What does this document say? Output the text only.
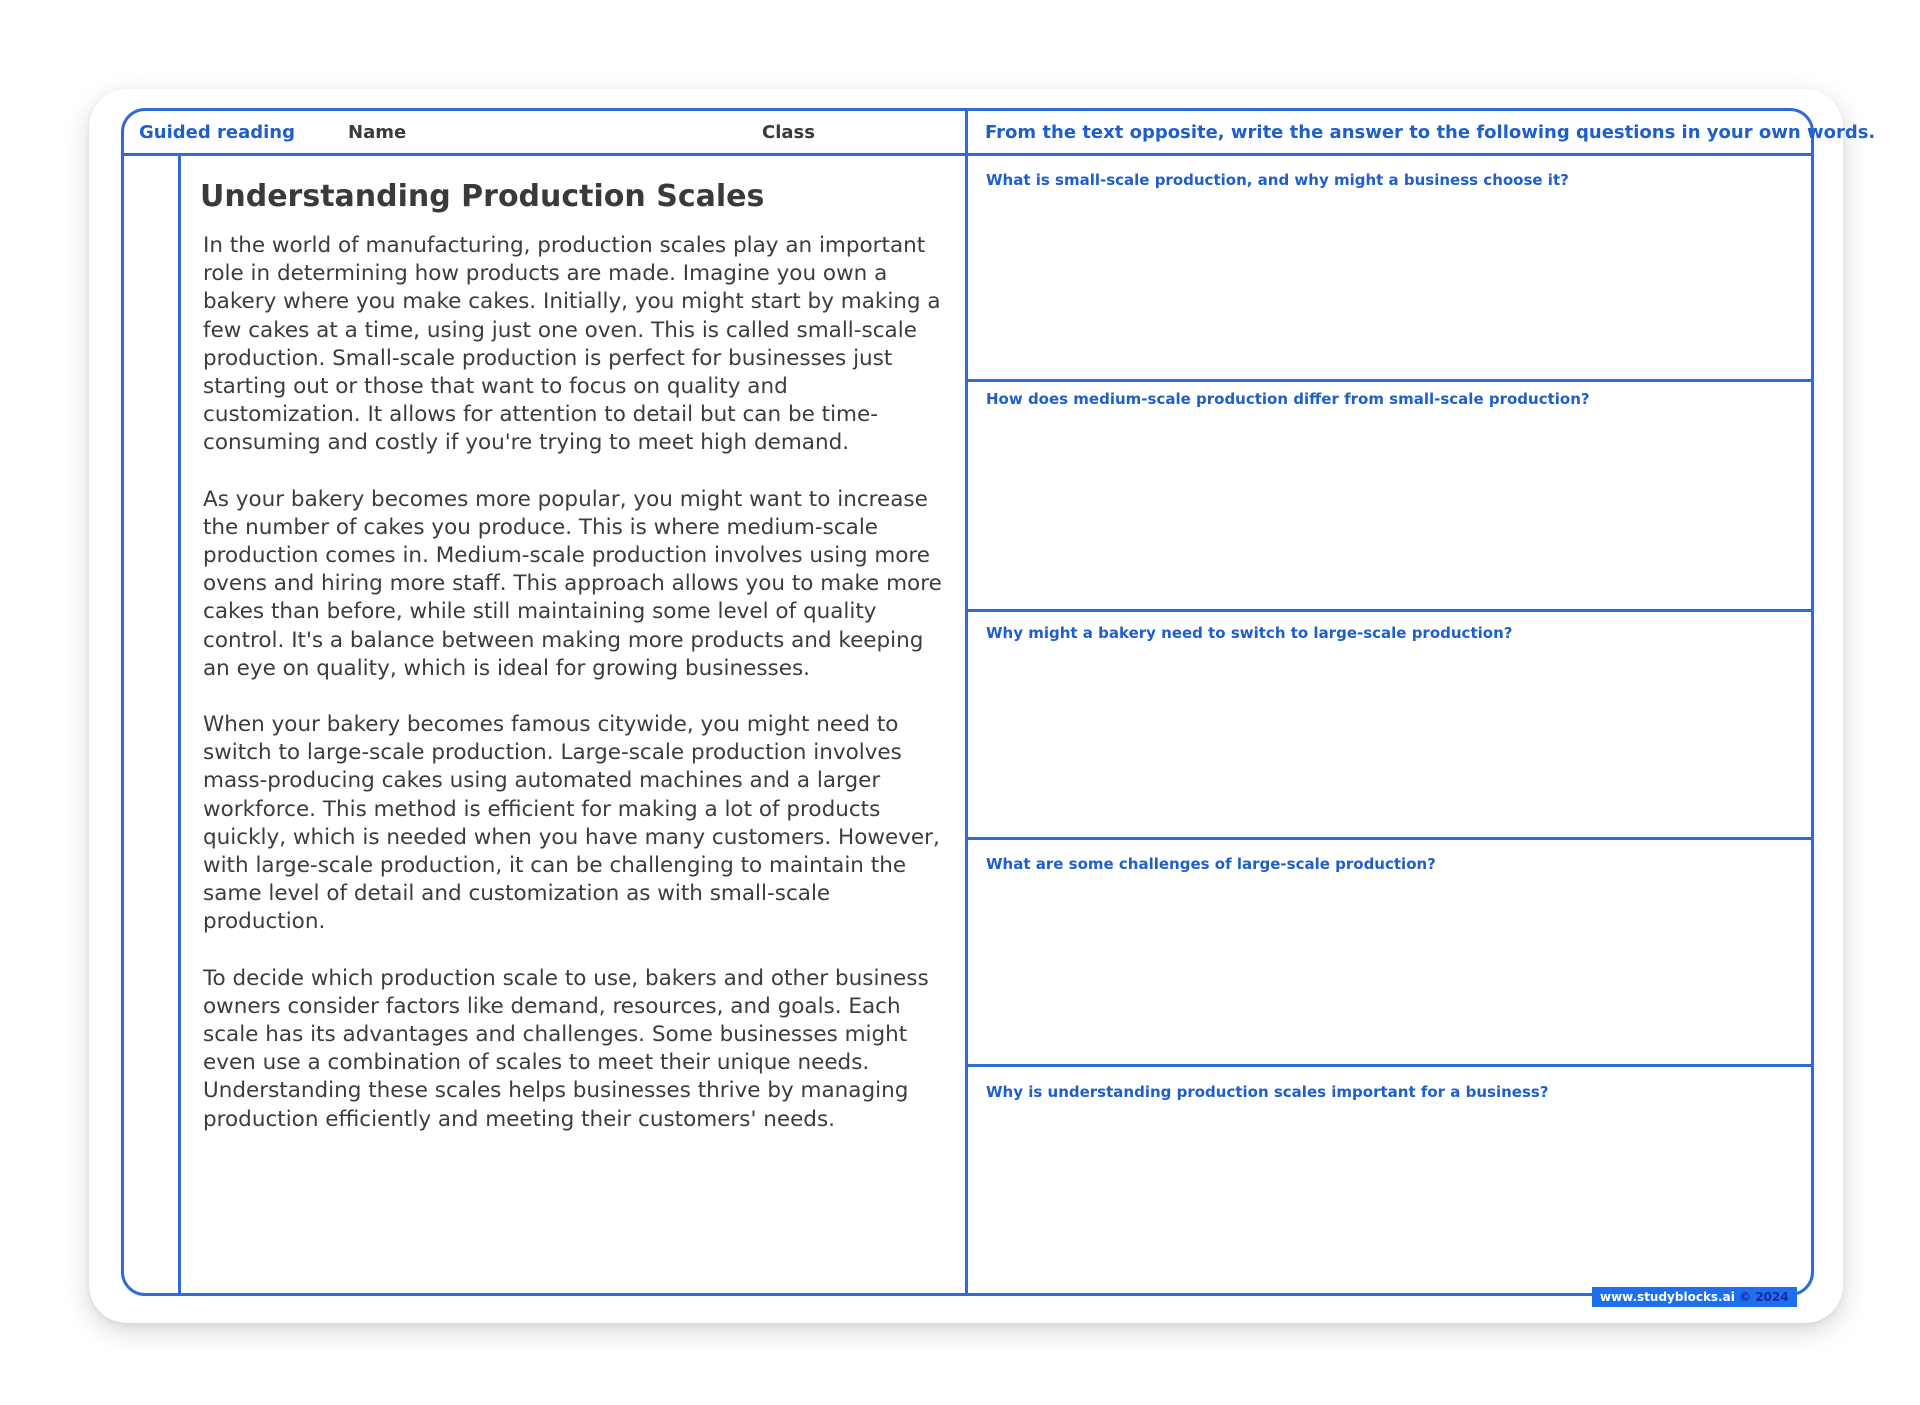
Guided reading	Name	Class	From the text opposite, write the answer to the following questions in your own words.
Understanding Production Scales

In the world of manufacturing, production scales play an important role in determining how products are made. Imagine you own a bakery where you make cakes. Initially, you might start by making a few cakes at a time, using just one oven. This is called small-scale production. Small-scale production is perfect for businesses just starting out or those that want to focus on quality and customization. It allows for attention to detail but can be time-consuming and costly if you're trying to meet high demand.

As your bakery becomes more popular, you might want to increase the number of cakes you produce. This is where medium-scale production comes in. Medium-scale production involves using more ovens and hiring more staff. This approach allows you to make more cakes than before, while still maintaining some level of quality control. It's a balance between making more products and keeping an eye on quality, which is ideal for growing businesses.

When your bakery becomes famous citywide, you might need to switch to large-scale production. Large-scale production involves mass-producing cakes using automated machines and a larger workforce. This method is efficient for making a lot of products quickly, which is needed when you have many customers. However, with large-scale production, it can be challenging to maintain the same level of detail and customization as with small-scale production.

To decide which production scale to use, bakers and other business owners consider factors like demand, resources, and goals. Each scale has its advantages and challenges. Some businesses might even use a combination of scales to meet their unique needs. Understanding these scales helps businesses thrive by managing production efficiently and meeting their customers' needs.

What is small-scale production, and why might a business choose it?
How does medium-scale production differ from small-scale production?
Why might a bakery need to switch to large-scale production?
What are some challenges of large-scale production?
Why is understanding production scales important for a business?
www.studyblocks.ai © 2024
